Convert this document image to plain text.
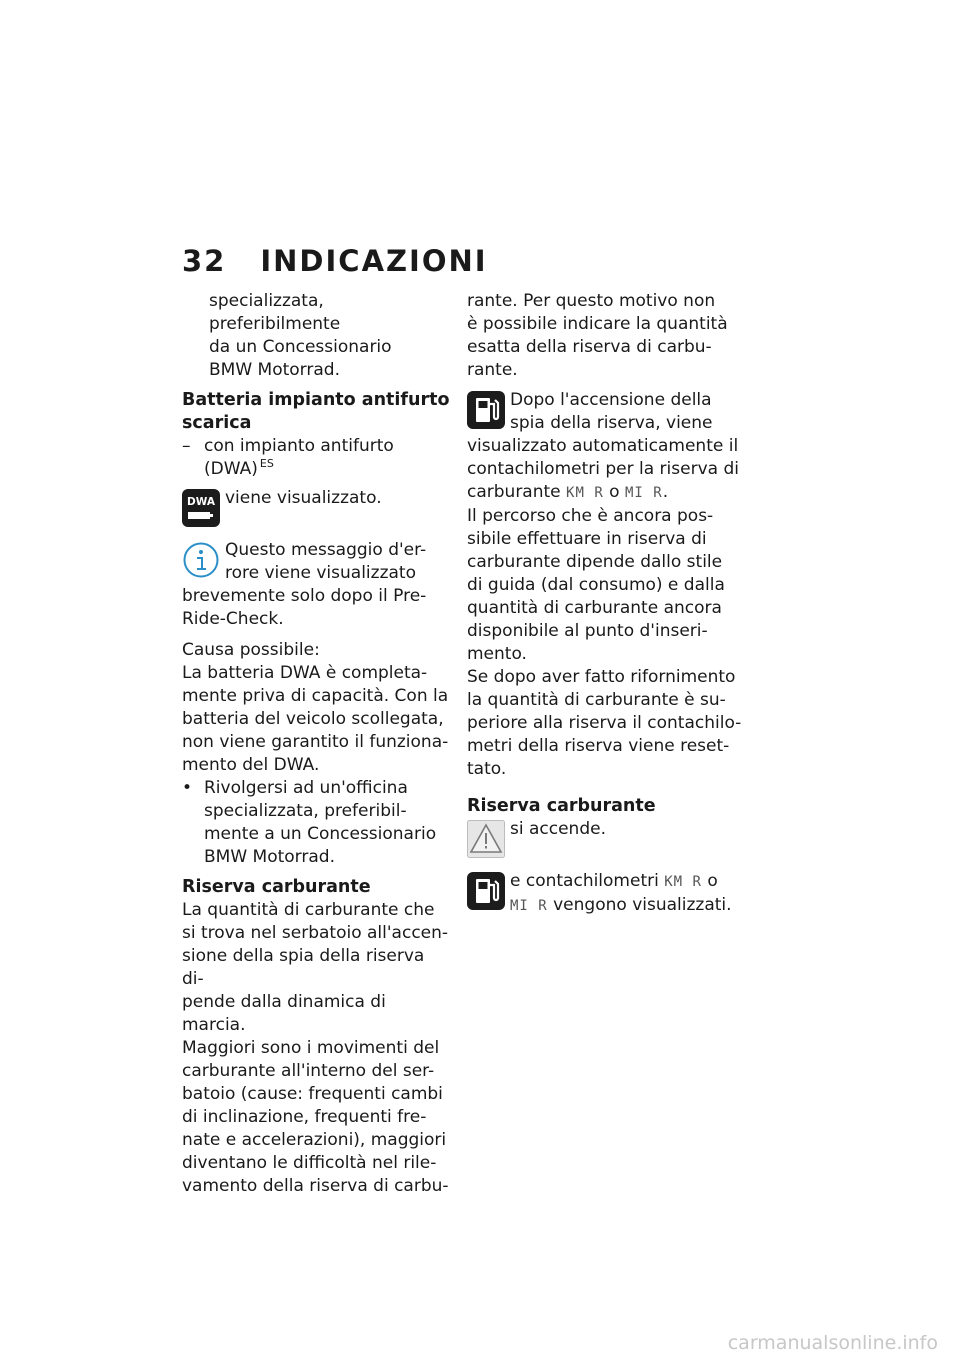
32 INDICAZIONI

specializzata, preferibilmente
da un Concessionario
BMW Motorrad.

Batteria impianto antifurto
scarica
– con impianto antifurto
(DWA) $^{ES}$
DWA viene visualizzato.
Questo messaggio d'er-
rore viene visualizzato
brevemente solo dopo il Pre-
Ride-Check.

Causa possibile:
La batteria DWA è completa-
mente priva di capacità. Con la
batteria del veicolo scollegata,
non viene garantito il funziona-
mento del DWA.

• Rivolgersi ad un'officina
specializzata, preferibil-
mente a un Concessionario
BMW Motorrad.
Riserva carburante

La quantità di carburante che
si trova nel serbatoio all'accen-
sione della spia della riserva di-
pende dalla dinamica di marcia.
Maggiori sono i movimenti del
carburante all'interno del ser-
batoio (cause: frequenti cambi
di inclinazione, frequenti fre-
nate e accelerazioni), maggiori
diventano le difficoltà nel rile-
vamento della riserva di carbu-

rante. Per questo motivo non
è possibile indicare la quantità
esatta della riserva di carbu-
rante.

Dopo l'accensione della
spia della riserva, viene
visualizzato automaticamente il
contachilometri per la riserva di
carburante KM R o MI R.

Il percorso che è ancora pos-
sibile effettuare in riserva di
carburante dipende dallo stile
di guida (dal consumo) e dalla
quantità di carburante ancora
disponibile al punto d'inseri-
mento.

Se dopo aver fatto rifornimento
la quantità di carburante è su-
periore alla riserva il contachilo-
metri della riserva viene reset-
tato.

Riserva carburante
si accende.
e contachilometri KM R o
MI R vengono visualizzati.
carmanualsonline.info
